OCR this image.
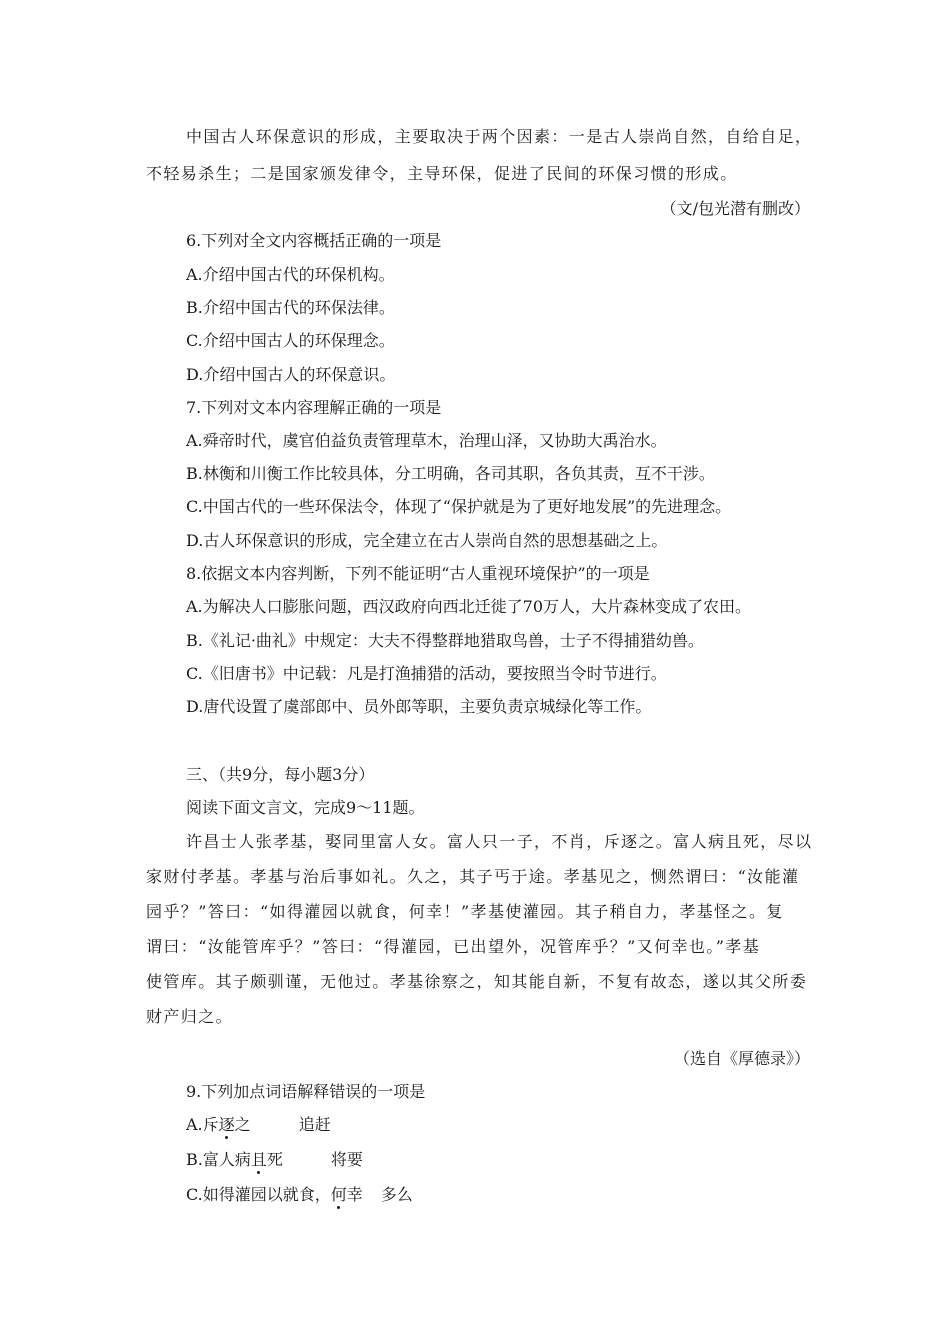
中国古人环保意识的形成，主要取决于两个因素：一是古人崇尚自然，自给自足，
不轻易杀生；二是国家颁发律令，主导环保，促进了民间的环保习惯的形成。
（文/包光潜有删改）
6.下列对全文内容概括正确的一项是
A.介绍中国古代的环保机构。
B.介绍中国古代的环保法律。
C.介绍中国古人的环保理念。
D.介绍中国古人的环保意识。
7.下列对文本内容理解正确的一项是
A.舜帝时代，虞官伯益负责管理草木，治理山泽，又协助大禹治水。
B.林衡和川衡工作比较具体，分工明确，各司其职，各负其责，互不干涉。
C.中国古代的一些环保法令，体现了“保护就是为了更好地发展”的先进理念。
D.古人环保意识的形成，完全建立在古人崇尚自然的思想基础之上。
8.依据文本内容判断，下列不能证明“古人重视环境保护”的一项是
A.为解决人口膨胀问题，西汉政府向西北迁徙了70万人，大片森林变成了农田。
B.《礼记·曲礼》中规定：大夫不得整群地猎取鸟兽，士子不得捕猎幼兽。
C.《旧唐书》中记载：凡是打渔捕猎的活动，要按照当令时节进行。
D.唐代设置了虞部郎中、员外郎等职，主要负责京城绿化等工作。
三、（共9分，每小题3分）
阅读下面文言文，完成9～11题。
许昌士人张孝基，娶同里富人女。富人只一子，不肖，斥逐之。富人病且死，尽以
家财付孝基。孝基与治后事如礼。久之，其子丐于途。孝基见之，恻然谓曰：“汝能灌
园乎？”答曰：“如得灌园以就食，何幸！”孝基使灌园。其子稍自力，孝基怪之。复
谓曰：“汝能管库乎？”答曰：“得灌园，已出望外，况管库乎？”又何幸也。”孝基
使管库。其子颇驯谨，无他过。孝基徐察之，知其能自新，不复有故态，遂以其父所委
财产归之。
（选自《厚德录》）
9.下列加点词语解释错误的一项是
A.斥逐之	追赶
B.富人病且死	将要
C.如得灌园以就食，何幸 多么
